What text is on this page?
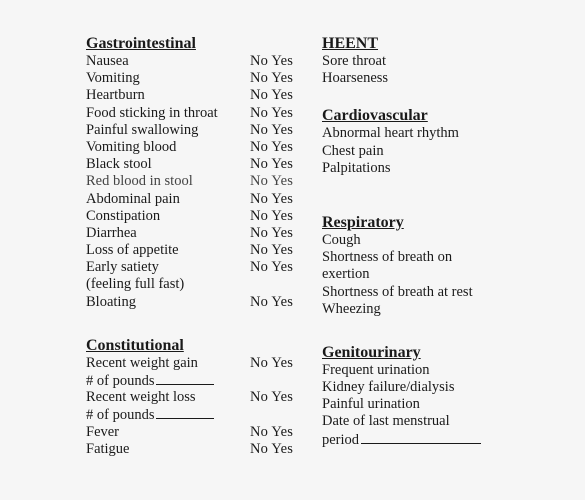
Gastrointestinal
Nausea	No Yes
Vomiting	No Yes
Heartburn	No Yes
Food sticking in throat No Yes
Painful swallowing	No Yes
Vomiting blood	No Yes
Black stool	No Yes
Red blood in stool	No Yes
Abdominal pain	No Yes
Constipation	No Yes
Diarrhea	No Yes
Loss of appetite	No Yes
Early satiety	No Yes
(feeling full fast)
Bloating	No Yes
Constitutional
Recent weight gain	No Yes
# of pounds
Recent weight loss	No Yes
# of pounds
Fever	No Yes
Fatigue	No Yes
HEENT
Sore throat
Hoarseness
Cardiovascular
Abnormal heart rhythm
Chest pain
Palpitations
Respiratory
Cough
Shortness of breath on
exertion
Shortness of breath at rest
Wheezing
Genitourinary
Frequent urination
Kidney failure/dialysis
Painful urination
Date of last menstrual
period
